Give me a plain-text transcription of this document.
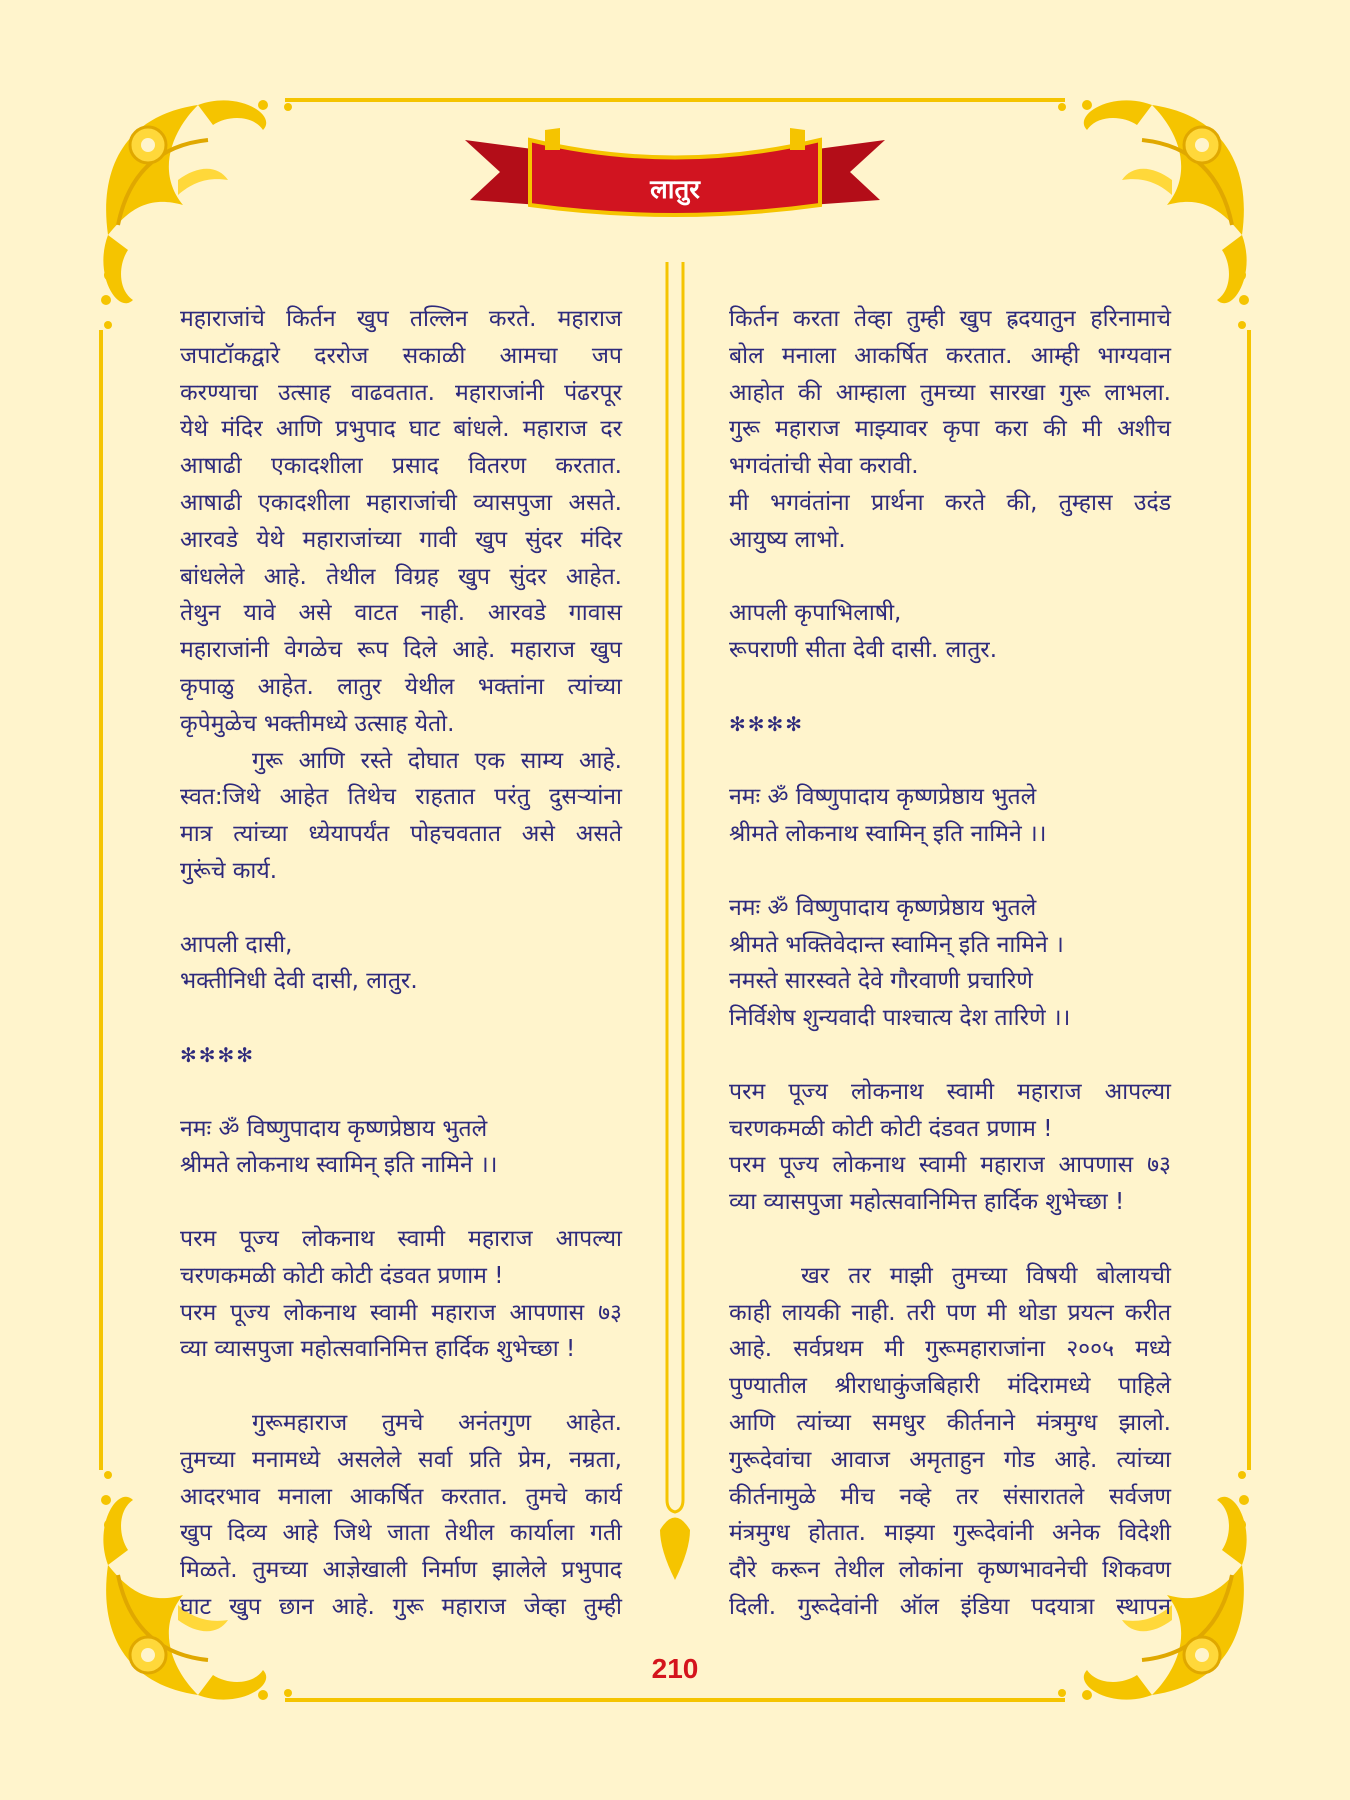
लातुर
महाराजांचे किर्तन खुप तल्लिन करते. महाराज
जपाटॉकद्वारे दररोज सकाळी आमचा जप
करण्याचा उत्साह वाढवतात. महाराजांनी पंढरपूर
येथे मंदिर आणि प्रभुपाद घाट बांधले. महाराज दर
आषाढी एकादशीला प्रसाद वितरण करतात.
आषाढी एकादशीला महाराजांची व्यासपुजा असते.
आरवडे येथे महाराजांच्या गावी खुप सुंदर मंदिर
बांधलेले आहे. तेथील विग्रह खुप सुंदर आहेत.
तेथुन यावे असे वाटत नाही. आरवडे गावास
महाराजांनी वेगळेच रूप दिले आहे. महाराज खुप
कृपाळु आहेत. लातुर येथील भक्तांना त्यांच्या
कृपेमुळेच भक्तीमध्ये उत्साह येतो.
गुरू आणि रस्ते दोघात एक साम्य आहे.
स्वत:जिथे आहेत तिथेच राहतात परंतु दुसऱ्यांना
मात्र त्यांच्या ध्येयापर्यंत पोहचवतात असे असते
गुरूंचे कार्य.
आपली दासी,
भक्तीनिधी देवी दासी, लातुर.
✻✻✻✻
नमः ॐ विष्णुपादाय कृष्णप्रेष्ठाय भुतले
श्रीमते लोकनाथ स्वामिन् इति नामिने ।।
परम पूज्य लोकनाथ स्वामी महाराज आपल्या
चरणकमळी कोटी कोटी दंडवत प्रणाम !
परम पूज्य लोकनाथ स्वामी महाराज आपणास ७३
व्या व्यासपुजा महोत्सवानिमित्त हार्दिक शुभेच्छा !
गुरूमहाराज तुमचे अनंतगुण आहेत.
तुमच्या मनामध्ये असलेले सर्वा प्रति प्रेम, नम्रता,
आदरभाव मनाला आकर्षित करतात. तुमचे कार्य
खुप दिव्य आहे जिथे जाता तेथील कार्याला गती
मिळते. तुमच्या आज्ञेखाली निर्माण झालेले प्रभुपाद
घाट खुप छान आहे. गुरू महाराज जेव्हा तुम्ही
किर्तन करता तेव्हा तुम्ही खुप ह्रदयातुन हरिनामाचे
बोल मनाला आकर्षित करतात. आम्ही भाग्यवान
आहोत की आम्हाला तुमच्या सारखा गुरू लाभला.
गुरू महाराज माझ्यावर कृपा करा की मी अशीच
भगवंतांची सेवा करावी.
मी भगवंतांना प्रार्थना करते की, तुम्हास उदंड
आयुष्य लाभो.
आपली कृपाभिलाषी,
रूपराणी सीता देवी दासी. लातुर.
✻✻✻✻
नमः ॐ विष्णुपादाय कृष्णप्रेष्ठाय भुतले
श्रीमते लोकनाथ स्वामिन् इति नामिने ।।
नमः ॐ विष्णुपादाय कृष्णप्रेष्ठाय भुतले
श्रीमते भक्तिवेदान्त स्वामिन् इति नामिने ।
नमस्ते सारस्वते देवे गौरवाणी प्रचारिणे
निर्विशेष शुन्यवादी पाश्चात्य देश तारिणे ।।
परम पूज्य लोकनाथ स्वामी महाराज आपल्या
चरणकमळी कोटी कोटी दंडवत प्रणाम !
परम पूज्य लोकनाथ स्वामी महाराज आपणास ७३
व्या व्यासपुजा महोत्सवानिमित्त हार्दिक शुभेच्छा !
खर तर माझी तुमच्या विषयी बोलायची
काही लायकी नाही. तरी पण मी थोडा प्रयत्न करीत
आहे. सर्वप्रथम मी गुरूमहाराजांना २००५ मध्ये
पुण्यातील श्रीराधाकुंजबिहारी मंदिरामध्ये पाहिले
आणि त्यांच्या समधुर कीर्तनाने मंत्रमुग्ध झालो.
गुरूदेवांचा आवाज अमृताहुन गोड आहे. त्यांच्या
कीर्तनामुळे मीच नव्हे तर संसारातले सर्वजण
मंत्रमुग्ध होतात. माझ्या गुरूदेवांनी अनेक विदेशी
दौरे करून तेथील लोकांना कृष्णभावनेची शिकवण
दिली. गुरूदेवांनी ऑल इंडिया पदयात्रा स्थापन
210
